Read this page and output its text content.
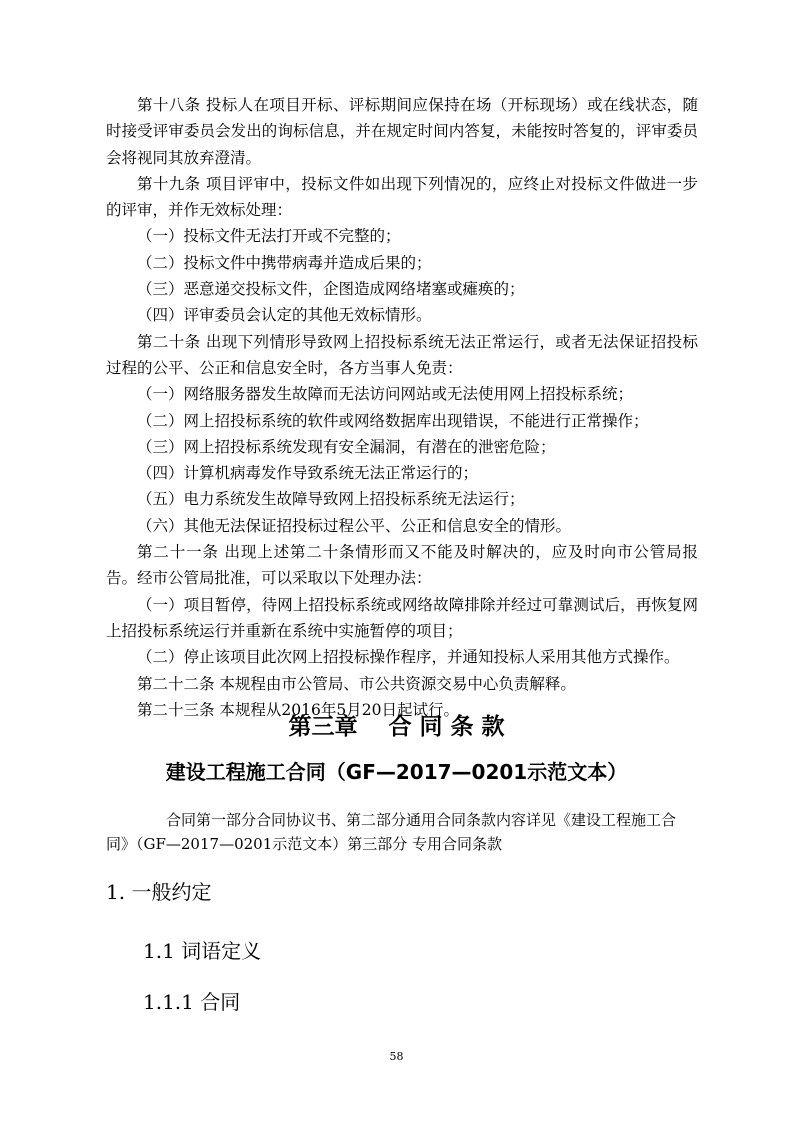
第十八条 投标人在项目开标、评标期间应保持在场（开标现场）或在线状态，随时接受评审委员会发出的询标信息，并在规定时间内答复，未能按时答复的，评审委员会将视同其放弃澄清。

第十九条 项目评审中，投标文件如出现下列情况的，应终止对投标文件做进一步的评审，并作无效标处理：

（一）投标文件无法打开或不完整的；

（二）投标文件中携带病毒并造成后果的；

（三）恶意递交投标文件，企图造成网络堵塞或瘫痪的；

（四）评审委员会认定的其他无效标情形。

第二十条 出现下列情形导致网上招投标系统无法正常运行，或者无法保证招投标过程的公平、公正和信息安全时，各方当事人免责：

（一）网络服务器发生故障而无法访问网站或无法使用网上招投标系统；

（二）网上招投标系统的软件或网络数据库出现错误，不能进行正常操作；

（三）网上招投标系统发现有安全漏洞，有潜在的泄密危险；

（四）计算机病毒发作导致系统无法正常运行的；

（五）电力系统发生故障导致网上招投标系统无法运行；

（六）其他无法保证招投标过程公平、公正和信息安全的情形。

第二十一条 出现上述第二十条情形而又不能及时解决的，应及时向市公管局报告。经市公管局批准，可以采取以下处理办法：

（一）项目暂停，待网上招投标系统或网络故障排除并经过可靠测试后，再恢复网上招投标系统运行并重新在系统中实施暂停的项目；

（二）停止该项目此次网上招投标操作程序，并通知投标人采用其他方式操作。

第二十二条 本规程由市公管局、市公共资源交易中心负责解释。

第二十三条 本规程从2016年5月20日起试行。

第三章　 合 同 条 款
建设工程施工合同（GF—2017—0201示范文本）

合同第一部分合同协议书、第二部分通用合同条款内容详见《建设工程施工合同》（GF—2017—0201示范文本）第三部分 专用合同条款

1. 一般约定
1.1 词语定义
1.1.1 合同
58
